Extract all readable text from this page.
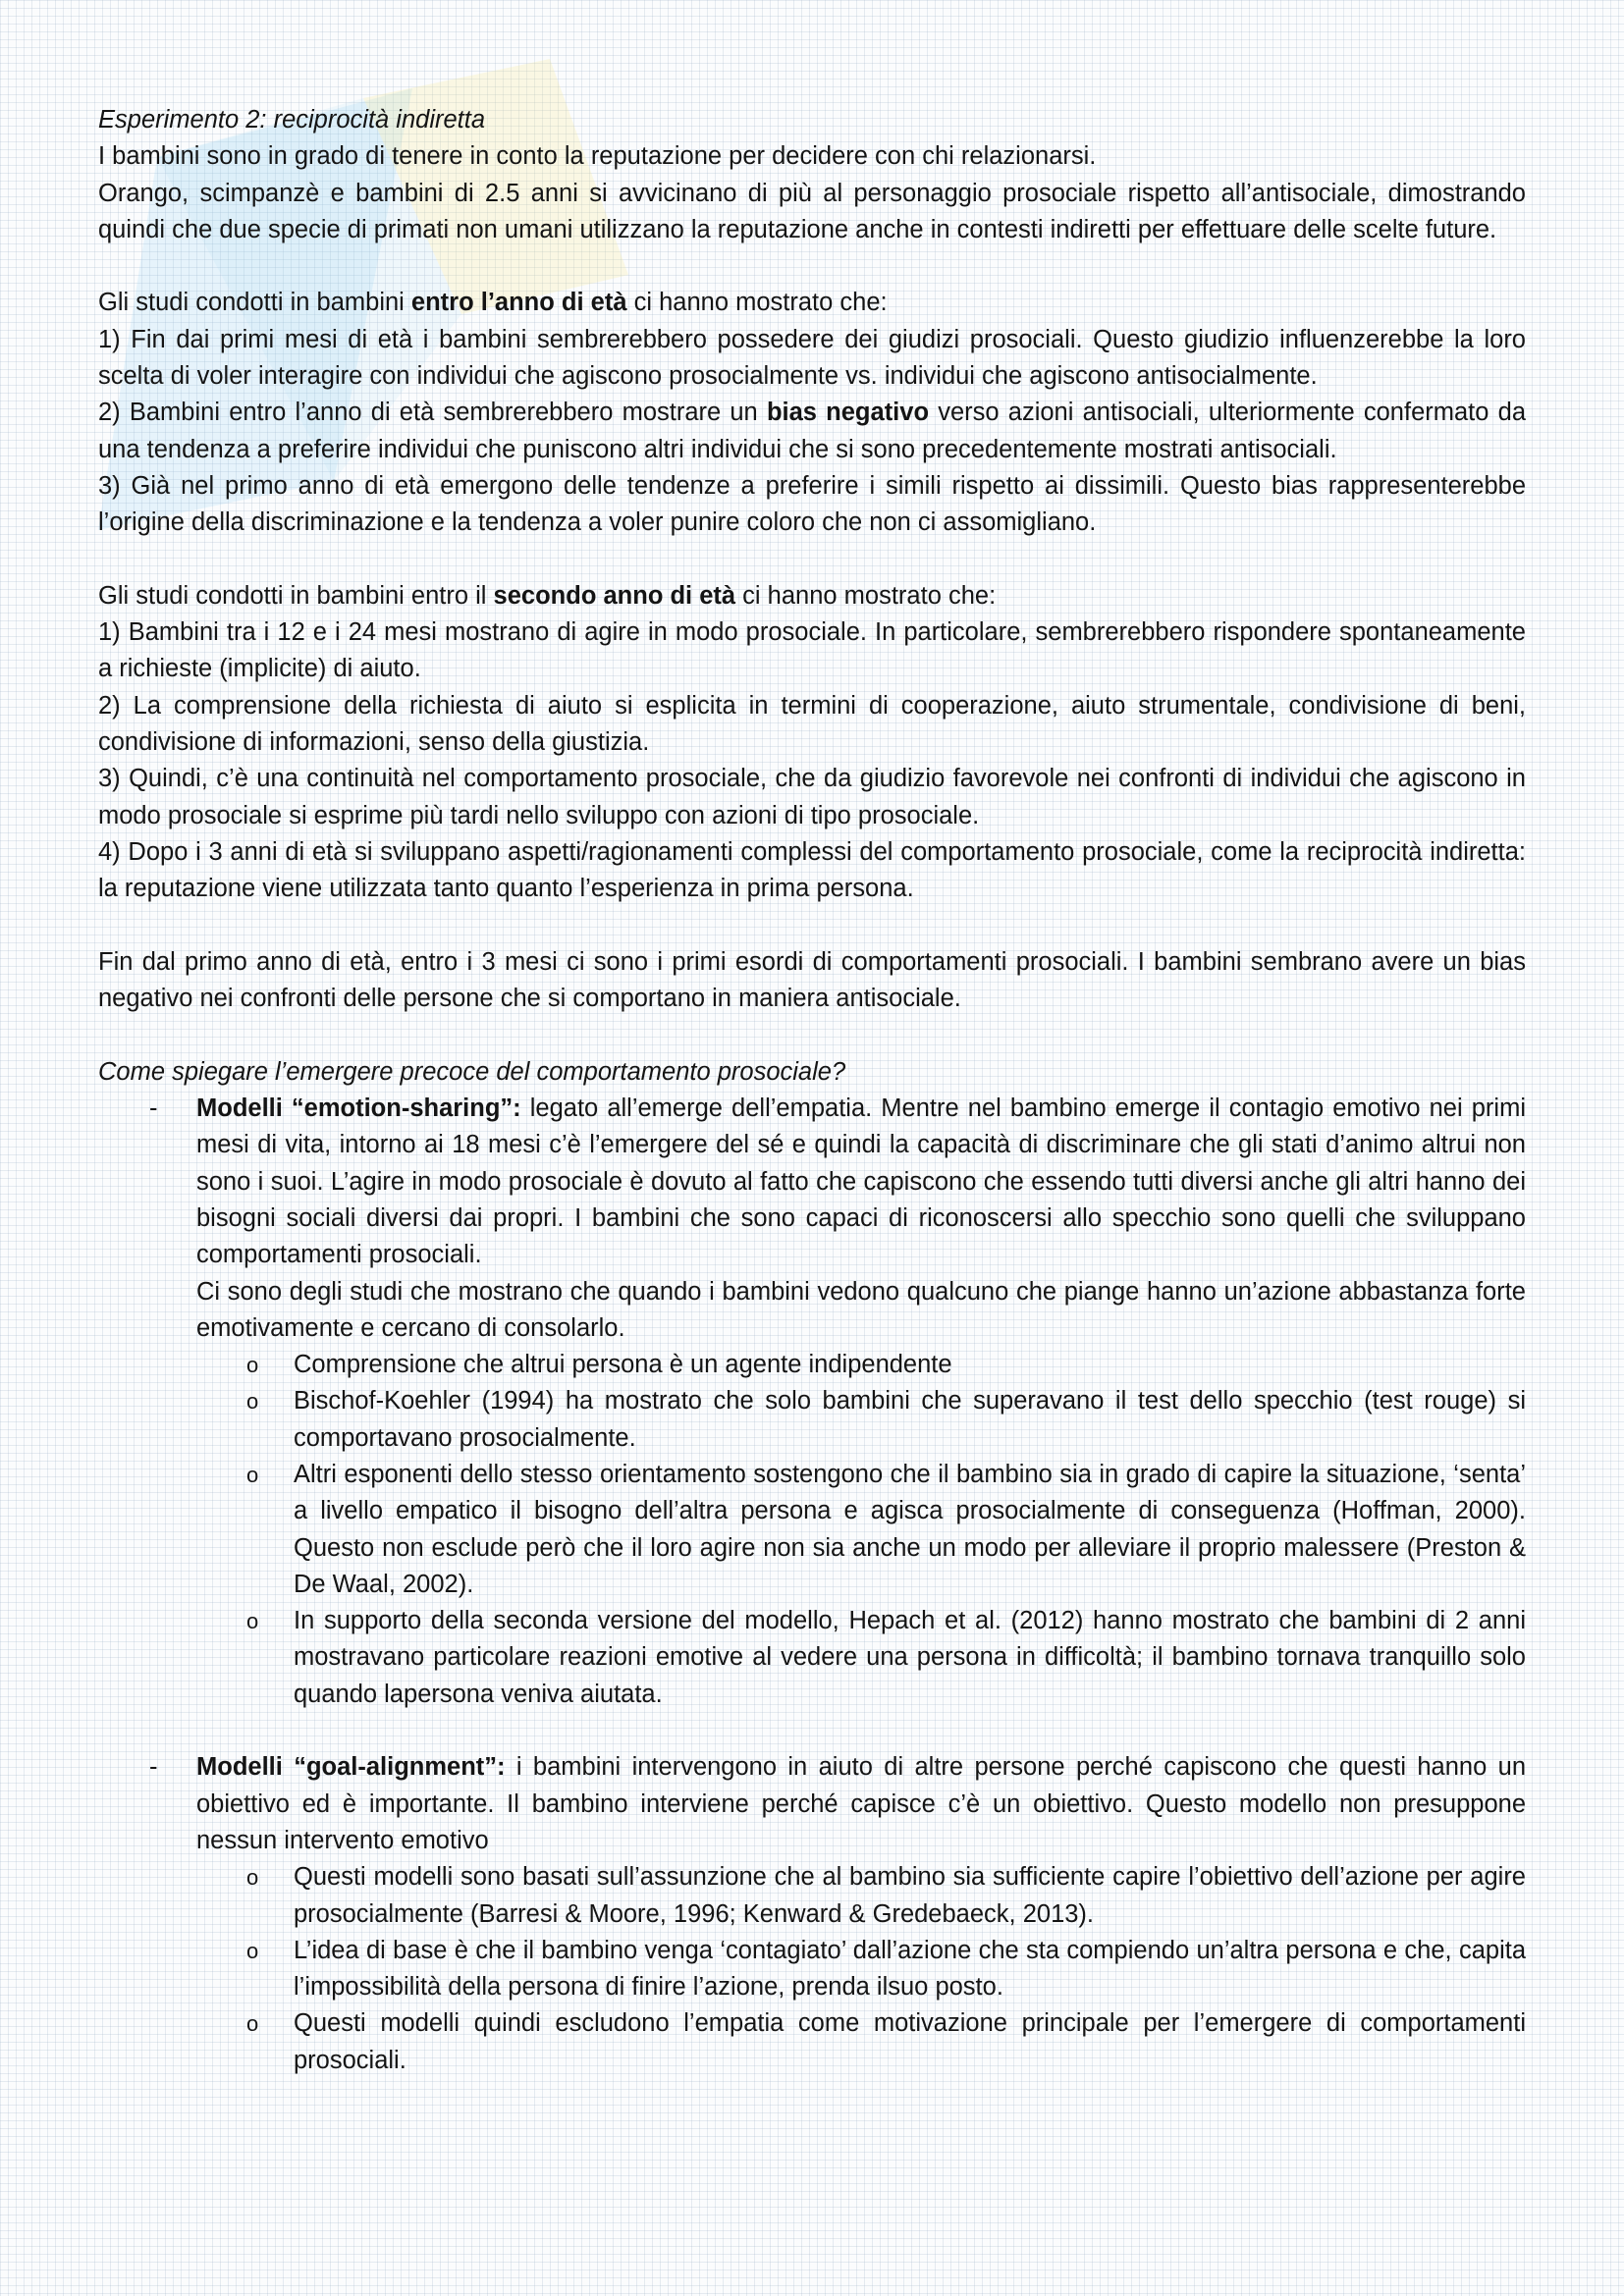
Esperimento 2: reciprocità indiretta

I bambini sono in grado di tenere in conto la reputazione per decidere con chi relazionarsi.

Orango, scimpanzè e bambini di 2.5 anni si avvicinano di più al personaggio prosociale rispetto all’antisociale, dimostrando quindi che due specie di primati non umani utilizzano la reputazione anche in contesti indiretti per effettuare delle scelte future.

Gli studi condotti in bambini entro l’anno di età ci hanno mostrato che:

1) Fin dai primi mesi di età i bambini sembrerebbero possedere dei giudizi prosociali. Questo giudizio influenzerebbe la loro scelta di voler interagire con individui che agiscono prosocialmente vs. individui che agiscono antisocialmente.

2) Bambini entro l’anno di età sembrerebbero mostrare un bias negativo verso azioni antisociali, ulteriormente confermato da una tendenza a preferire individui che puniscono altri individui che si sono precedentemente mostrati antisociali.

3) Già nel primo anno di età emergono delle tendenze a preferire i simili rispetto ai dissimili. Questo bias rappresenterebbe l’origine della discriminazione e la tendenza a voler punire coloro che non ci assomigliano.

Gli studi condotti in bambini entro il secondo anno di età ci hanno mostrato che:

1) Bambini tra i 12 e i 24 mesi mostrano di agire in modo prosociale. In particolare, sembrerebbero rispondere spontaneamente a richieste (implicite) di aiuto.

2) La comprensione della richiesta di aiuto si esplicita in termini di cooperazione, aiuto strumentale, condivisione di beni, condivisione di informazioni, senso della giustizia.

3) Quindi, c’è una continuità nel comportamento prosociale, che da giudizio favorevole nei confronti di individui che agiscono in modo prosociale si esprime più tardi nello sviluppo con azioni di tipo prosociale.

4) Dopo i 3 anni di età si sviluppano aspetti/ragionamenti complessi del comportamento prosociale, come la reciprocità indiretta: la reputazione viene utilizzata tanto quanto l’esperienza in prima persona.

Fin dal primo anno di età, entro i 3 mesi ci sono i primi esordi di comportamenti prosociali. I bambini sembrano avere un bias negativo nei confronti delle persone che si comportano in maniera antisociale.

Come spiegare l’emergere precoce del comportamento prosociale?

- Modelli “emotion-sharing”: legato all’emerge dell’empatia. Mentre nel bambino emerge il contagio emotivo nei primi mesi di vita, intorno ai 18 mesi c’è l’emergere del sé e quindi la capacità di discriminare che gli stati d’animo altrui non sono i suoi. L’agire in modo prosociale è dovuto al fatto che capiscono che essendo tutti diversi anche gli altri hanno dei bisogni sociali diversi dai propri. I bambini che sono capaci di riconoscersi allo specchio sono quelli che sviluppano comportamenti prosociali.

Ci sono degli studi che mostrano che quando i bambini vedono qualcuno che piange hanno un’azione abbastanza forte emotivamente e cercano di consolarlo.

o Comprensione che altrui persona è un agente indipendente

o Bischof-Koehler (1994) ha mostrato che solo bambini che superavano il test dello specchio (test rouge) si comportavano prosocialmente.

o Altri esponenti dello stesso orientamento sostengono che il bambino sia in grado di capire la situazione, ‘senta’ a livello empatico il bisogno dell’altra persona e agisca prosocialmente di conseguenza (Hoffman, 2000). Questo non esclude però che il loro agire non sia anche un modo per alleviare il proprio malessere (Preston & De Waal, 2002).

o In supporto della seconda versione del modello, Hepach et al. (2012) hanno mostrato che bambini di 2 anni mostravano particolare reazioni emotive al vedere una persona in difficoltà; il bambino tornava tranquillo solo quando lapersona veniva aiutata.

- Modelli “goal-alignment”: i bambini intervengono in aiuto di altre persone perché capiscono che questi hanno un obiettivo ed è importante. Il bambino interviene perché capisce c’è un obiettivo. Questo modello non presuppone nessun intervento emotivo

o Questi modelli sono basati sull’assunzione che al bambino sia sufficiente capire l’obiettivo dell’azione per agire prosocialmente (Barresi & Moore, 1996; Kenward & Gredebaeck, 2013).

o L’idea di base è che il bambino venga ‘contagiato’ dall’azione che sta compiendo un’altra persona e che, capita l’impossibilità della persona di finire l’azione, prenda ilsuo posto.

o Questi modelli quindi escludono l’empatia come motivazione principale per l’emergere di comportamenti prosociali.
